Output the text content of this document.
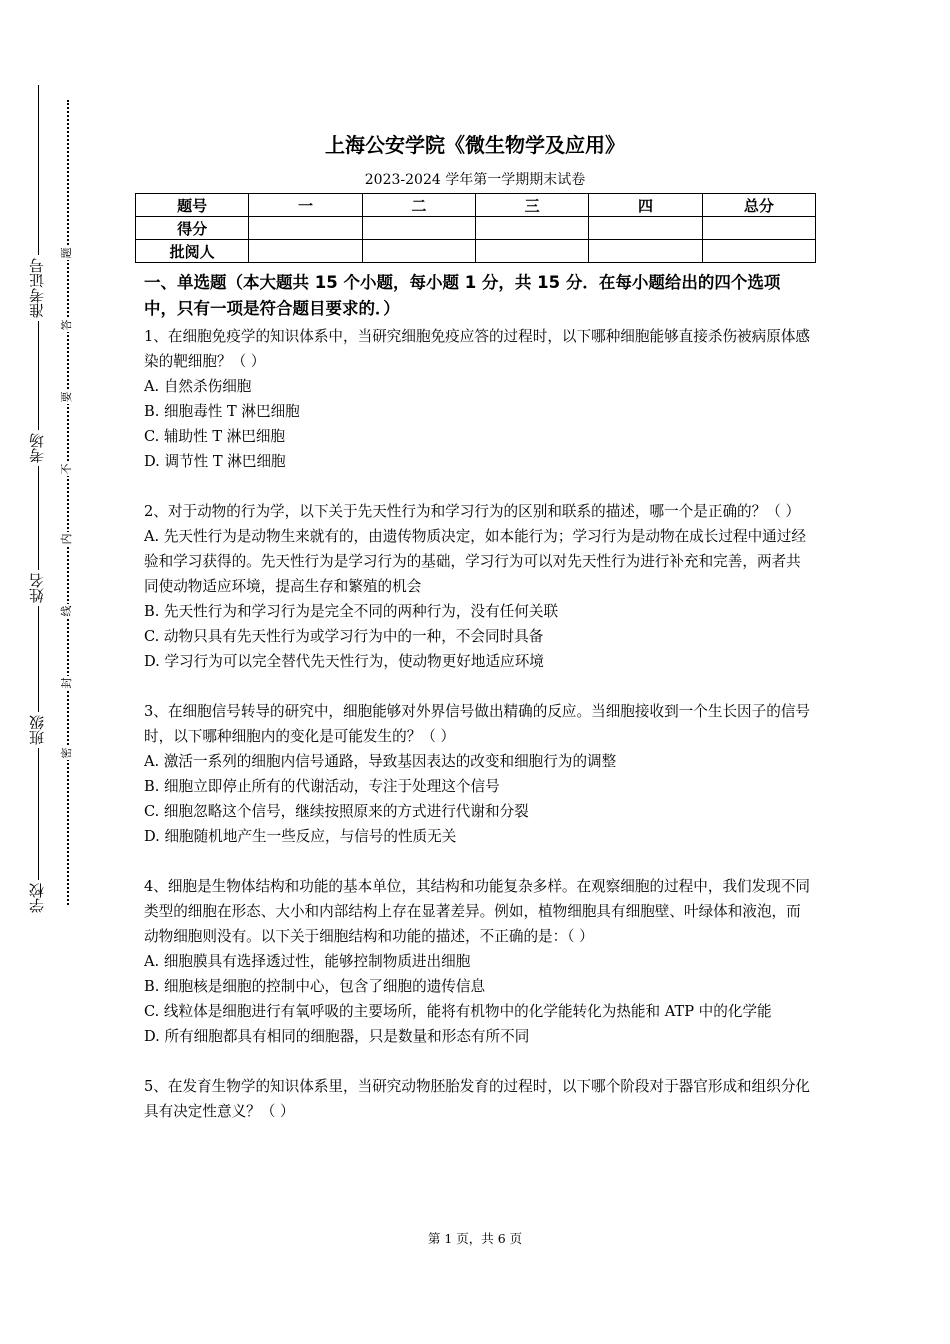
学校
班级
姓名
考场
准考证号
密
封
线
内
不
要
答
题
上海公安学院《微生物学及应用》
2023-2024 学年第一学期期末试卷
题号	一	二	三	四	总分
得分					
批阅人					

一、单选题（本大题共 15 个小题，每小题 1 分，共 15 分．在每小题给出的四个选项中，只有一项是符合题目要求的．）

1、在细胞免疫学的知识体系中，当研究细胞免疫应答的过程时，以下哪种细胞能够直接杀伤被病原体感染的靶细胞？（ ）

A. 自然杀伤细胞

B. 细胞毒性 T 淋巴细胞

C. 辅助性 T 淋巴细胞

D. 调节性 T 淋巴细胞

2、对于动物的行为学，以下关于先天性行为和学习行为的区别和联系的描述，哪一个是正确的？（ ）

A. 先天性行为是动物生来就有的，由遗传物质决定，如本能行为；学习行为是动物在成长过程中通过经验和学习获得的。先天性行为是学习行为的基础，学习行为可以对先天性行为进行补充和完善，两者共同使动物适应环境，提高生存和繁殖的机会

B. 先天性行为和学习行为是完全不同的两种行为，没有任何关联

C. 动物只具有先天性行为或学习行为中的一种，不会同时具备

D. 学习行为可以完全替代先天性行为，使动物更好地适应环境

3、在细胞信号转导的研究中，细胞能够对外界信号做出精确的反应。当细胞接收到一个生长因子的信号时，以下哪种细胞内的变化是可能发生的？（ ）

A. 激活一系列的细胞内信号通路，导致基因表达的改变和细胞行为的调整

B. 细胞立即停止所有的代谢活动，专注于处理这个信号

C. 细胞忽略这个信号，继续按照原来的方式进行代谢和分裂

D. 细胞随机地产生一些反应，与信号的性质无关

4、细胞是生物体结构和功能的基本单位，其结构和功能复杂多样。在观察细胞的过程中，我们发现不同类型的细胞在形态、大小和内部结构上存在显著差异。例如，植物细胞具有细胞壁、叶绿体和液泡，而动物细胞则没有。以下关于细胞结构和功能的描述，不正确的是：（ ）

A. 细胞膜具有选择透过性，能够控制物质进出细胞

B. 细胞核是细胞的控制中心，包含了细胞的遗传信息

C. 线粒体是细胞进行有氧呼吸的主要场所，能将有机物中的化学能转化为热能和 ATP 中的化学能

D. 所有细胞都具有相同的细胞器，只是数量和形态有所不同

5、在发育生物学的知识体系里，当研究动物胚胎发育的过程时，以下哪个阶段对于器官形成和组织分化具有决定性意义？（ ）

第 1 页，共 6 页
